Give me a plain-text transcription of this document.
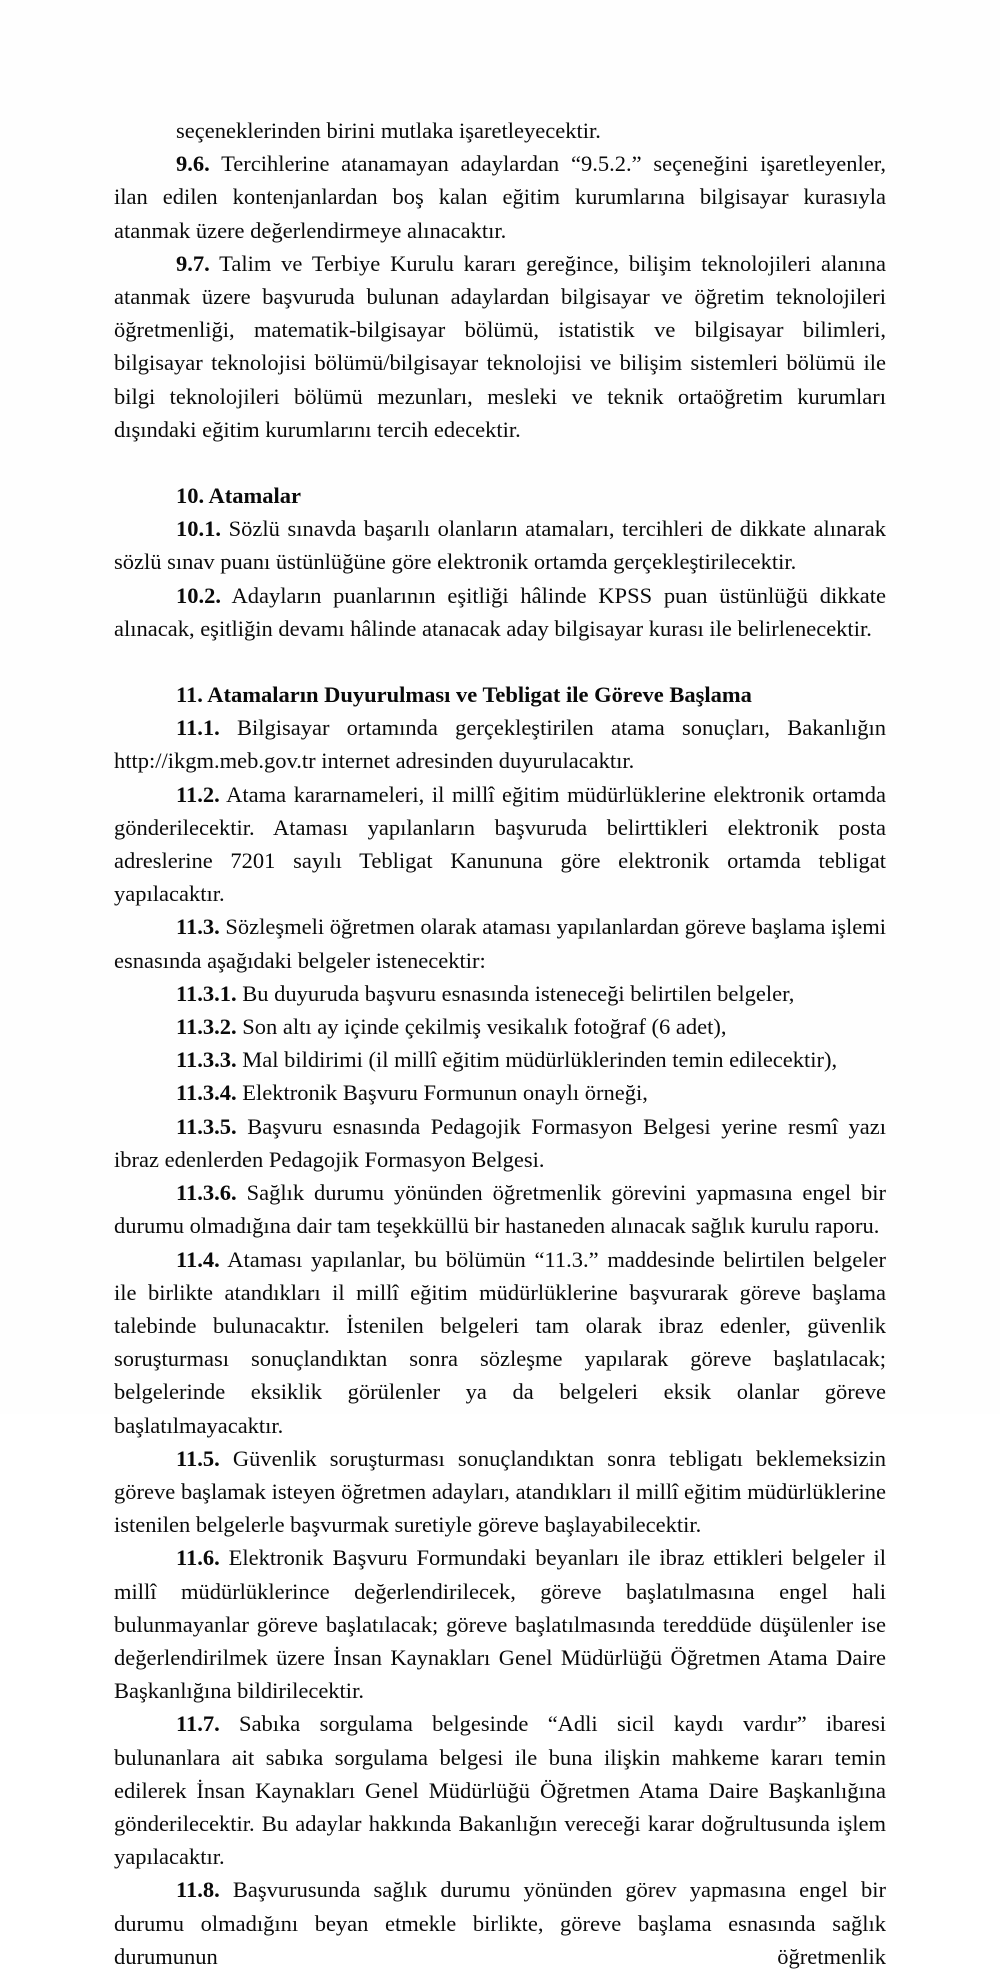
seçeneklerinden birini mutlaka işaretleyecektir.

9.6. Tercihlerine atanamayan adaylardan “9.5.2.” seçeneğini işaretleyenler, ilan edilen kontenjanlardan boş kalan eğitim kurumlarına bilgisayar kurasıyla atanmak üzere değerlendirmeye alınacaktır.

9.7. Talim ve Terbiye Kurulu kararı gereğince, bilişim teknolojileri alanına atanmak üzere başvuruda bulunan adaylardan bilgisayar ve öğretim teknolojileri öğretmenliği, matematik-bilgisayar bölümü, istatistik ve bilgisayar bilimleri, bilgisayar teknolojisi bölümü/bilgisayar teknolojisi ve bilişim sistemleri bölümü ile bilgi teknolojileri bölümü mezunları, mesleki ve teknik ortaöğretim kurumları dışındaki eğitim kurumlarını tercih edecektir.

10. Atamalar

10.1. Sözlü sınavda başarılı olanların atamaları, tercihleri de dikkate alınarak sözlü sınav puanı üstünlüğüne göre elektronik ortamda gerçekleştirilecektir.

10.2. Adayların puanlarının eşitliği hâlinde KPSS puan üstünlüğü dikkate alınacak, eşitliğin devamı hâlinde atanacak aday bilgisayar kurası ile belirlenecektir.

11. Atamaların Duyurulması ve Tebligat ile Göreve Başlama

11.1. Bilgisayar ortamında gerçekleştirilen atama sonuçları, Bakanlığın http://ikgm.meb.gov.tr internet adresinden duyurulacaktır.

11.2. Atama kararnameleri, il millî eğitim müdürlüklerine elektronik ortamda gönderilecektir. Ataması yapılanların başvuruda belirttikleri elektronik posta adreslerine 7201 sayılı Tebligat Kanununa göre elektronik ortamda tebligat yapılacaktır.

11.3. Sözleşmeli öğretmen olarak ataması yapılanlardan göreve başlama işlemi esnasında aşağıdaki belgeler istenecektir:

11.3.1. Bu duyuruda başvuru esnasında isteneceği belirtilen belgeler,

11.3.2. Son altı ay içinde çekilmiş vesikalık fotoğraf (6 adet),

11.3.3. Mal bildirimi (il millî eğitim müdürlüklerinden temin edilecektir),

11.3.4. Elektronik Başvuru Formunun onaylı örneği,

11.3.5. Başvuru esnasında Pedagojik Formasyon Belgesi yerine resmî yazı ibraz edenlerden Pedagojik Formasyon Belgesi.

11.3.6. Sağlık durumu yönünden öğretmenlik görevini yapmasına engel bir durumu olmadığına dair tam teşekküllü bir hastaneden alınacak sağlık kurulu raporu.

11.4. Ataması yapılanlar, bu bölümün “11.3.” maddesinde belirtilen belgeler ile birlikte atandıkları il millî eğitim müdürlüklerine başvurarak göreve başlama talebinde bulunacaktır. İstenilen belgeleri tam olarak ibraz edenler, güvenlik soruşturması sonuçlandıktan sonra sözleşme yapılarak göreve başlatılacak; belgelerinde eksiklik görülenler ya da belgeleri eksik olanlar göreve başlatılmayacaktır.

11.5. Güvenlik soruşturması sonuçlandıktan sonra tebligatı beklemeksizin göreve başlamak isteyen öğretmen adayları, atandıkları il millî eğitim müdürlüklerine istenilen belgelerle başvurmak suretiyle göreve başlayabilecektir.

11.6. Elektronik Başvuru Formundaki beyanları ile ibraz ettikleri belgeler il millî müdürlüklerince değerlendirilecek, göreve başlatılmasına engel hali bulunmayanlar göreve başlatılacak; göreve başlatılmasında tereddüde düşülenler ise değerlendirilmek üzere İnsan Kaynakları Genel Müdürlüğü Öğretmen Atama Daire Başkanlığına bildirilecektir.

11.7. Sabıka sorgulama belgesinde “Adli sicil kaydı vardır” ibaresi bulunanlara ait sabıka sorgulama belgesi ile buna ilişkin mahkeme kararı temin edilerek İnsan Kaynakları Genel Müdürlüğü Öğretmen Atama Daire Başkanlığına gönderilecektir. Bu adaylar hakkında Bakanlığın vereceği karar doğrultusunda işlem yapılacaktır.

11.8. Başvurusunda sağlık durumu yönünden görev yapmasına engel bir durumu olmadığını beyan etmekle birlikte, göreve başlama esnasında sağlık durumunun öğretmenlik
